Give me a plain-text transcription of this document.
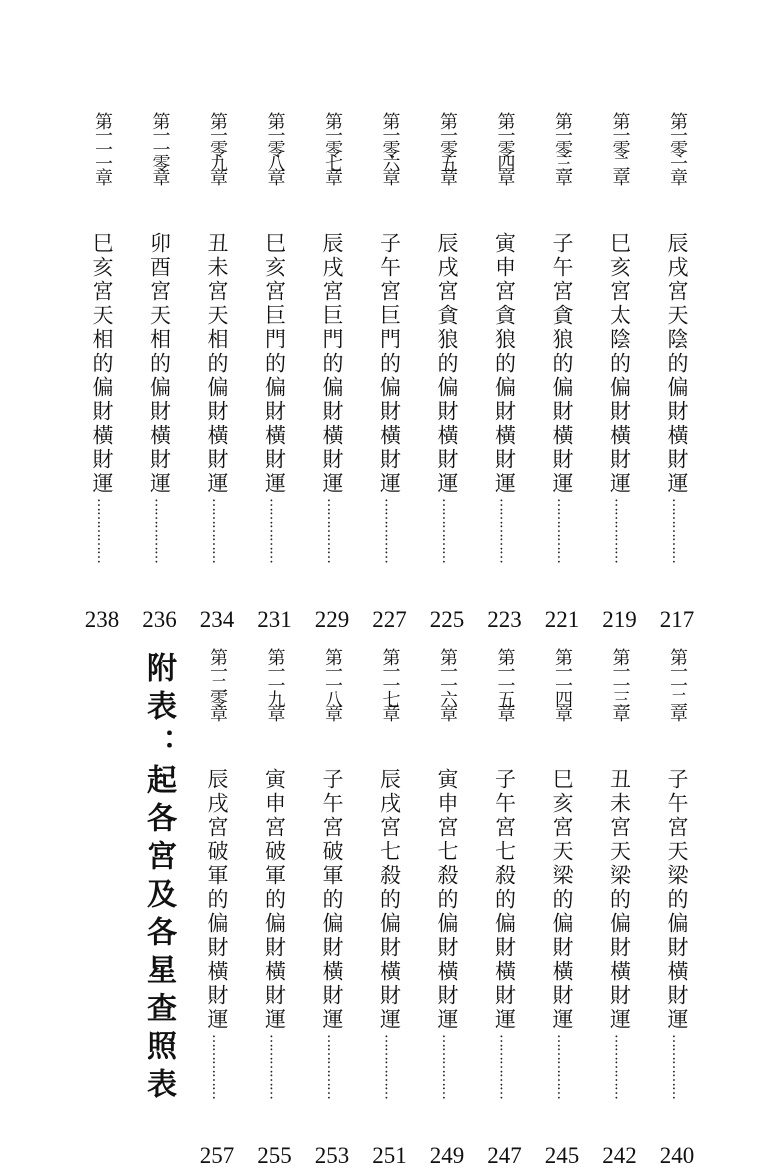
第一零一章
辰戌宮天陰的偏財橫財運
……………
217
第一零二章
巳亥宮太陰的偏財橫財運
……………
219
第一零三章
子午宮貪狼的偏財橫財運
……………
221
第一零四章
寅申宮貪狼的偏財橫財運
……………
223
第一零五章
辰戌宮貪狼的偏財橫財運
……………
225
第一零六章
子午宮巨門的偏財橫財運
……………
227
第一零七章
辰戌宮巨門的偏財橫財運
……………
229
第一零八章
巳亥宮巨門的偏財橫財運
……………
231
第一零九章
丑未宮天相的偏財橫財運
……………
234
第一一零章
卯酉宮天相的偏財橫財運
……………
236
第一一一章
巳亥宮天相的偏財橫財運
……………
238
第一一二章
子午宮天梁的偏財橫財運
……………
240
第一一三章
丑未宮天梁的偏財橫財運
……………
242
第一一四章
巳亥宮天梁的偏財橫財運
……………
245
第一一五章
子午宮七殺的偏財橫財運
……………
247
第一一六章
寅申宮七殺的偏財橫財運
……………
249
第一一七章
辰戌宮七殺的偏財橫財運
……………
251
第一一八章
子午宮破軍的偏財橫財運
……………
253
第一一九章
寅申宮破軍的偏財橫財運
……………
255
第一二零章
辰戌宮破軍的偏財橫財運
……………
257
附表：
起各宮及各星查照表
